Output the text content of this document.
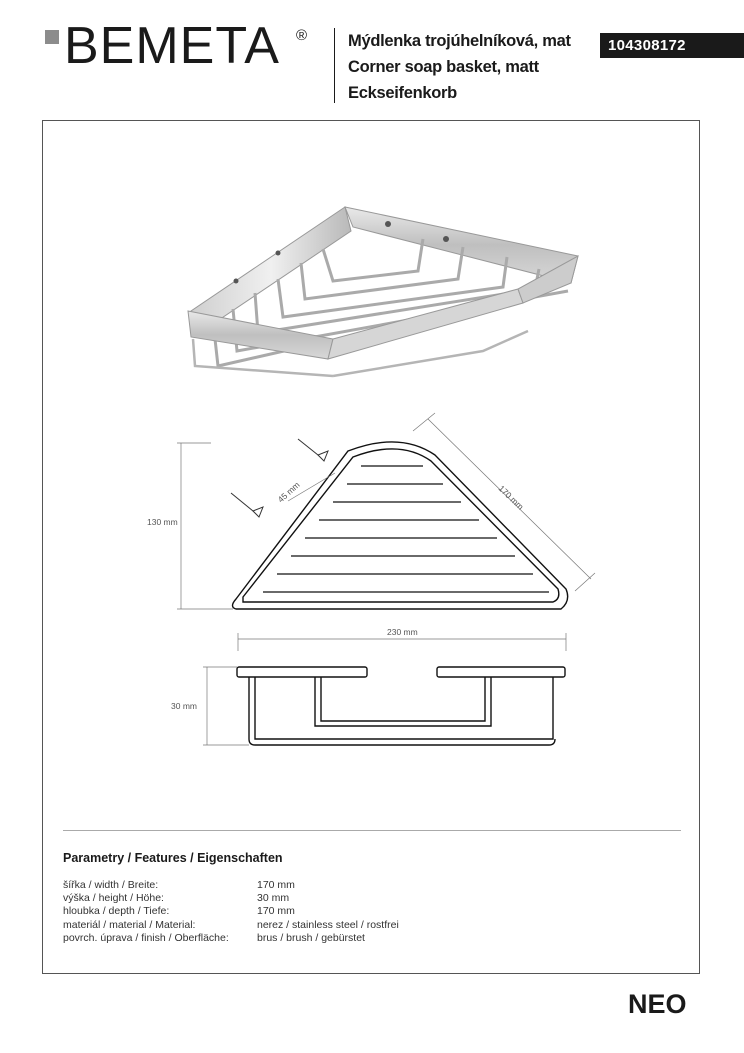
BEMETA ® Mýdlenka trojúhelníková, mat
Corner soap basket, matt
Eckseifenkorb
104308172
45 mm	170 mm
130 mm
230 mm
30 mm
Parametry / Features / Eigenschaften
šířka / width / Breite:	170 mm
výška / height / Höhe:	30 mm
hloubka / depth / Tiefe:	170 mm
materiál / material / Material:	nerez / stainless steel / rostfrei
povrch. úprava / finish / Oberfläche:	brus / brush / gebürstet
NEO
